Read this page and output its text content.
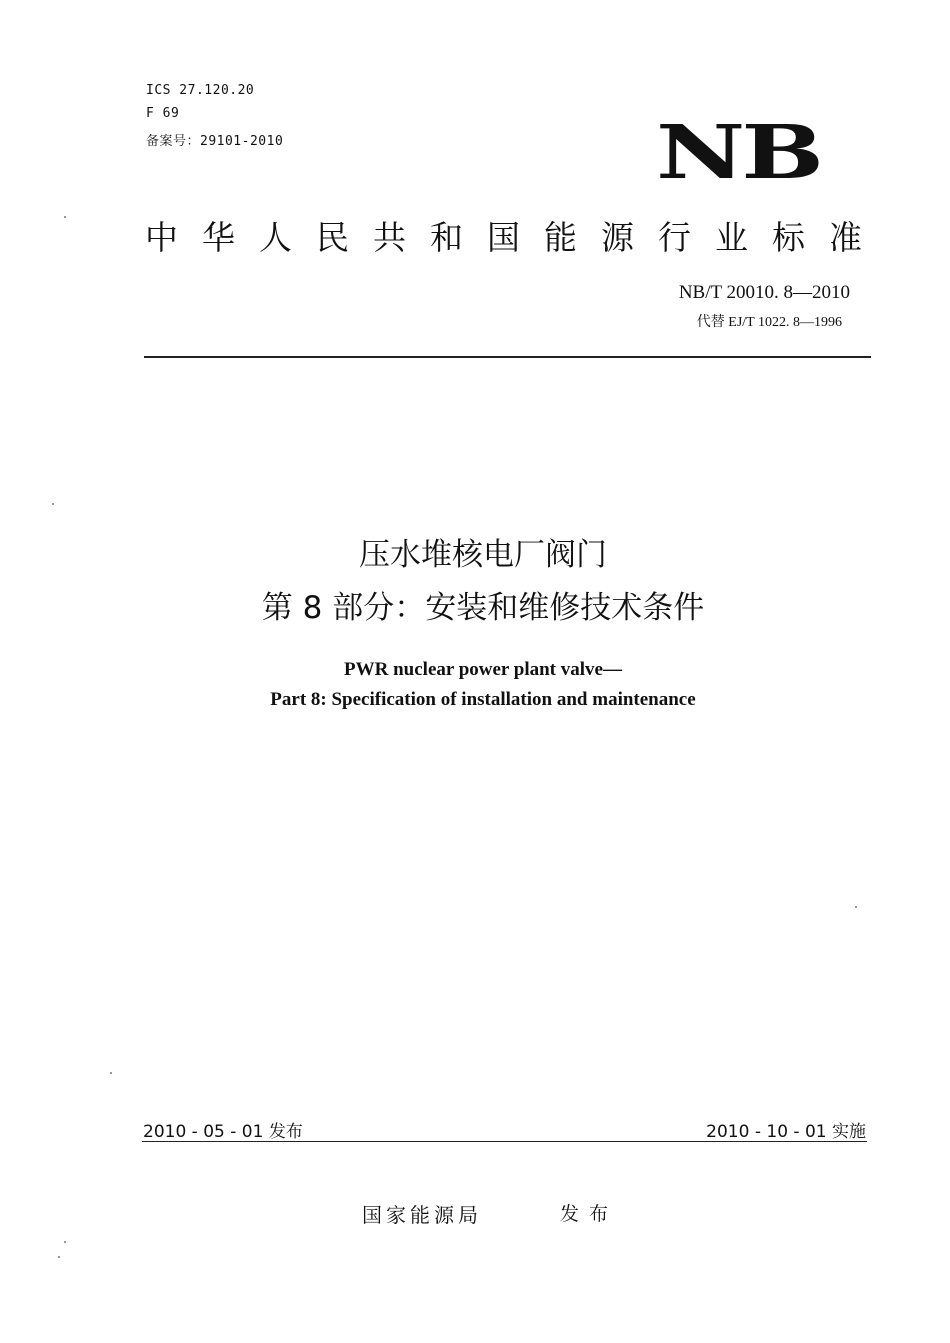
ICS 27.120.20
F 69
备案号：29101-2010	NB
中华人民共和国能源行业标准
NB/T 20010. 8—2010
代替 EJ/T 1022. 8—1996
压水堆核电厂阀门
第 8 部分：安装和维修技术条件
PWR nuclear power plant valve—
Part 8: Specification of installation and maintenance
2010 - 05 - 01 发布	2010 - 10 - 01 实施
国家能源局	发布
